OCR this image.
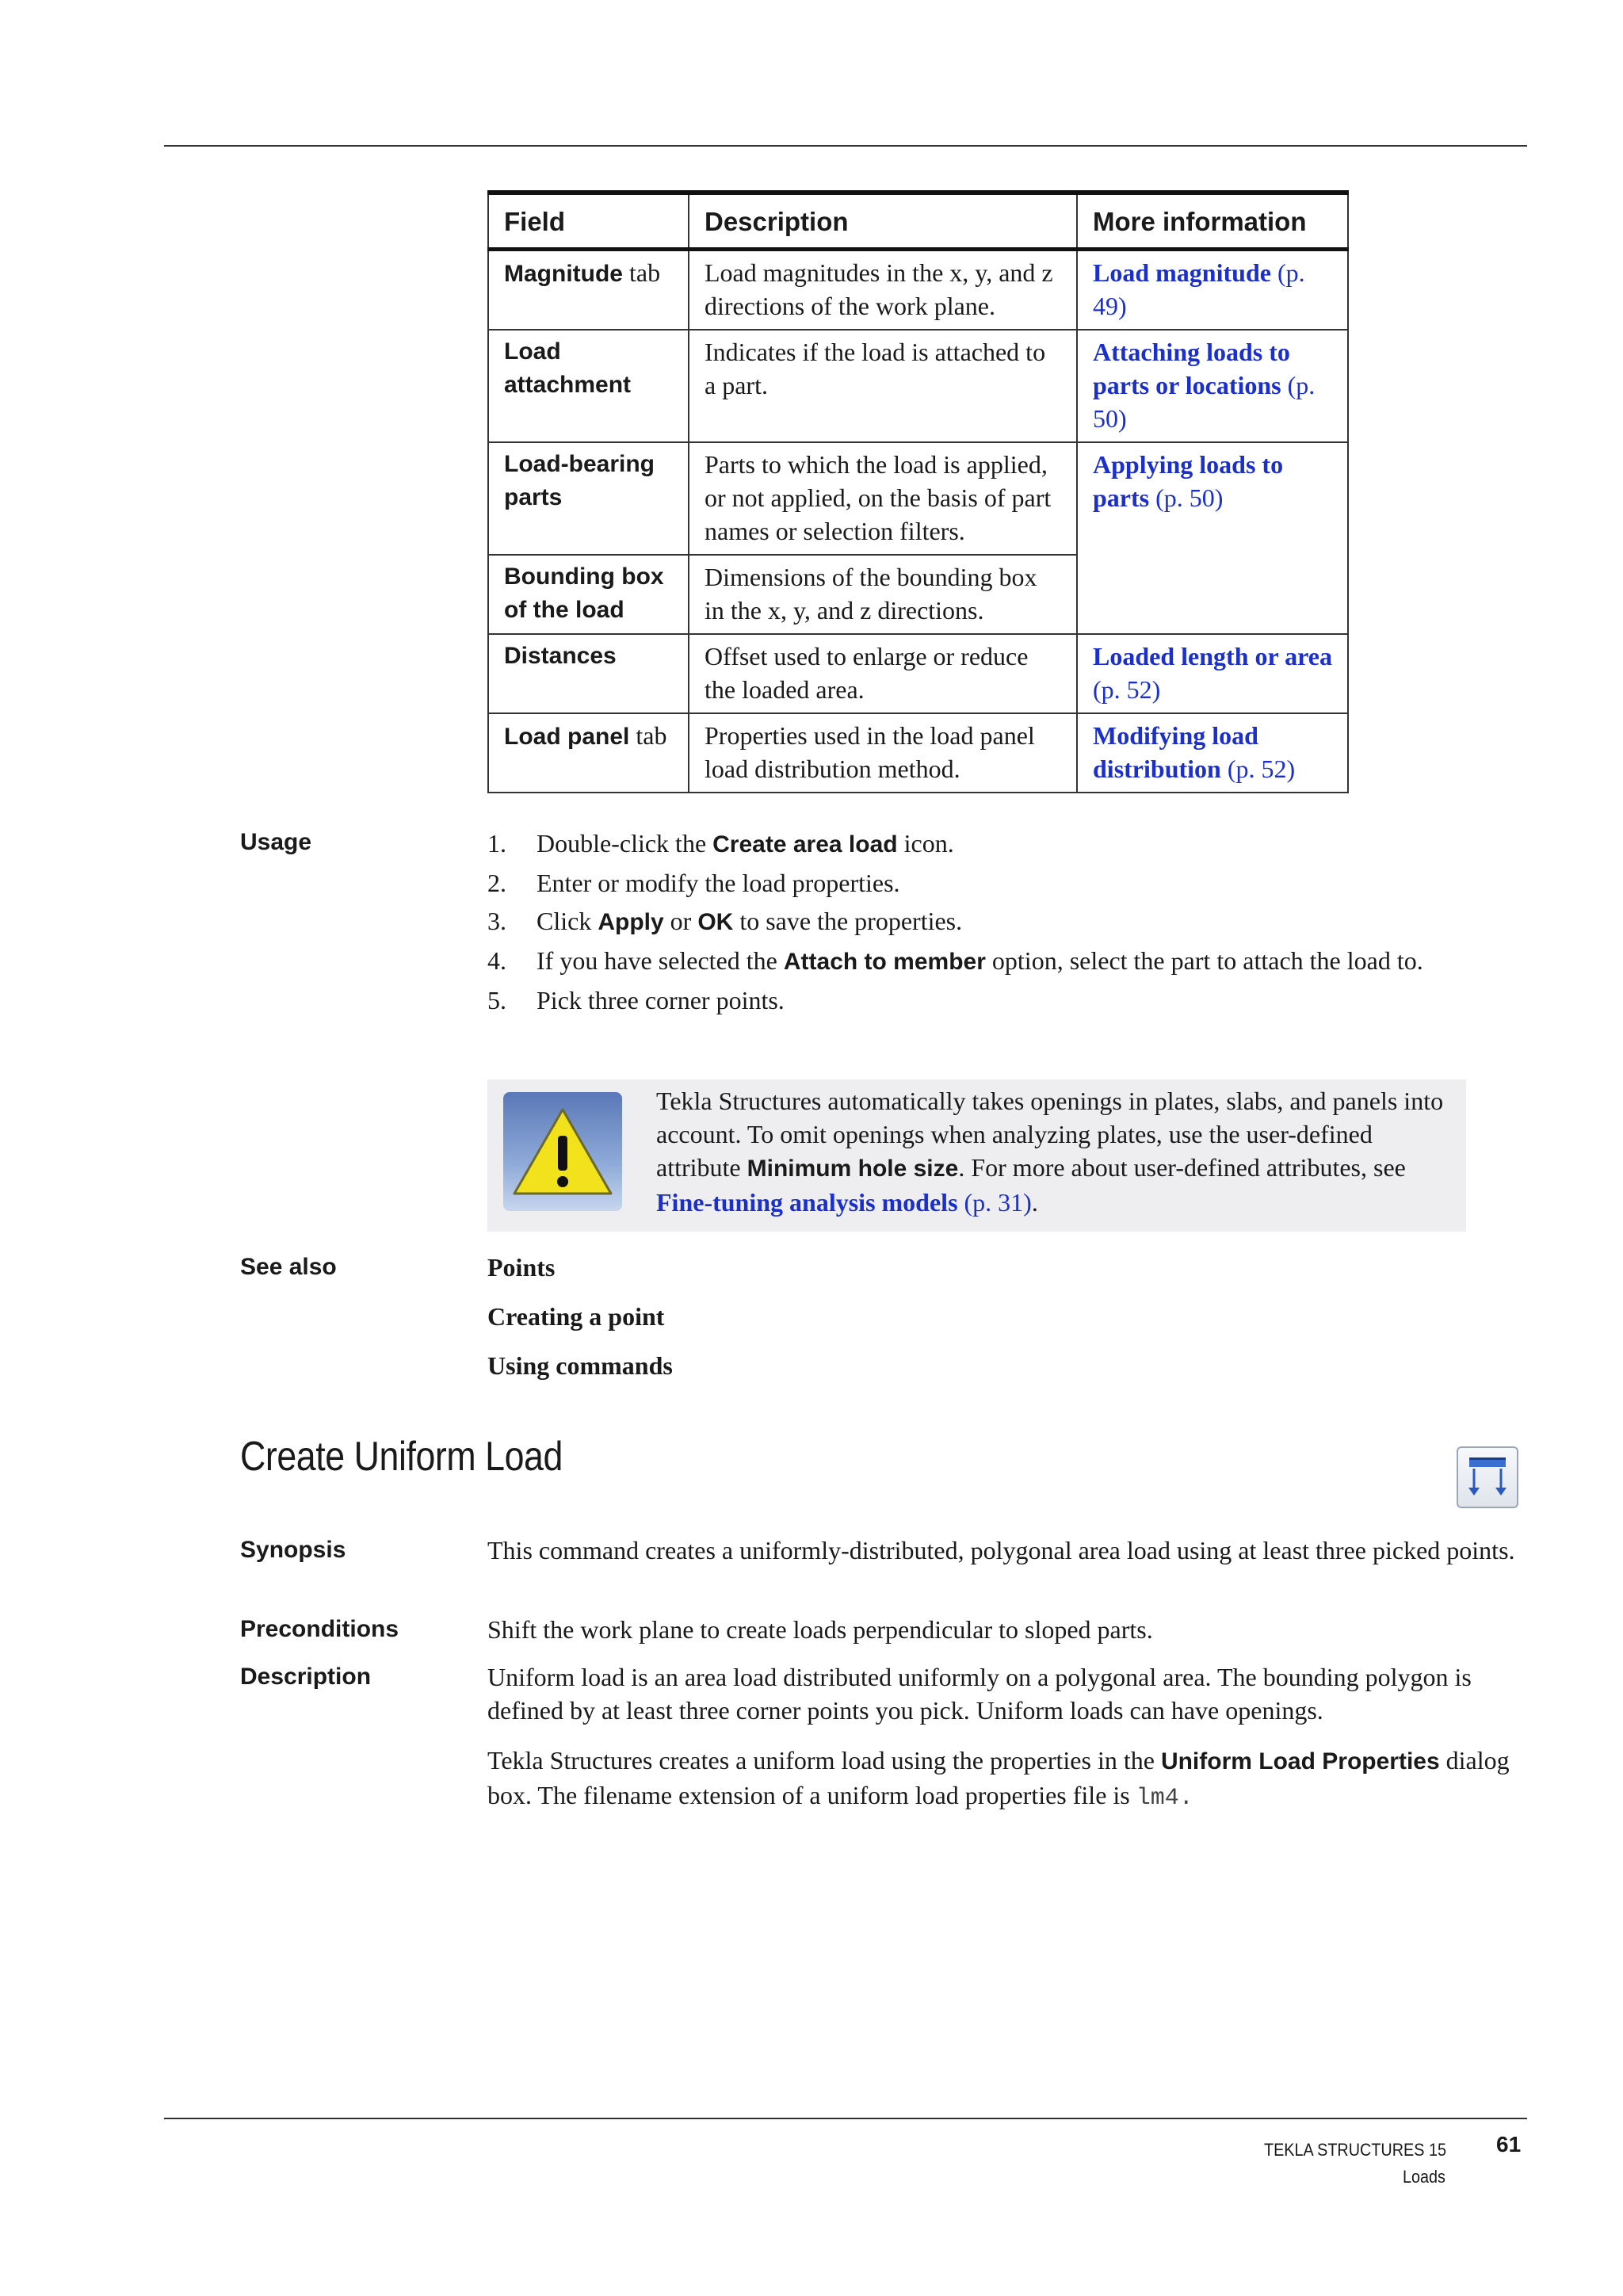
Field	Description	More information
Magnitude tab	Load magnitudes in the x, y, and z directions of the work plane.	Load magnitude (p. 49)
Load attachment	Indicates if the load is attached to a part.	Attaching loads to parts or locations (p. 50)
Load-bearing parts	Parts to which the load is applied, or not applied, on the basis of part names or selection filters.	Applying loads to parts (p. 50)
Bounding box of the load	Dimensions of the bounding box in the x, y, and z directions.	
Distances	Offset used to enlarge or reduce the loaded area.	Loaded length or area (p. 52)
Load panel tab	Properties used in the load panel load distribution method.	Modifying load distribution (p. 52)
Usage	1. Double-click the Create area load icon.
2. Enter or modify the load properties.
3. Click Apply or OK to save the properties.
4. If you have selected the Attach to member option, select the part to attach the load to.
5. Pick three corner points.
Tekla Structures automatically takes openings in plates, slabs, and panels into account. To omit openings when analyzing plates, use the user-defined attribute Minimum hole size. For more about user-defined attributes, see Fine-tuning analysis models (p. 31).
See also	Points
Creating a point
Using commands
Create Uniform Load
Synopsis	This command creates a uniformly-distributed, polygonal area load using at least three picked points.
Preconditions	Shift the work plane to create loads perpendicular to sloped parts.
Description	Uniform load is an area load distributed uniformly on a polygonal area. The bounding polygon is defined by at least three corner points you pick. Uniform loads can have openings.
Tekla Structures creates a uniform load using the properties in the Uniform Load Properties dialog box. The filename extension of a uniform load properties file is lm4.
TEKLA STRUCTURES 15 61
Loads
